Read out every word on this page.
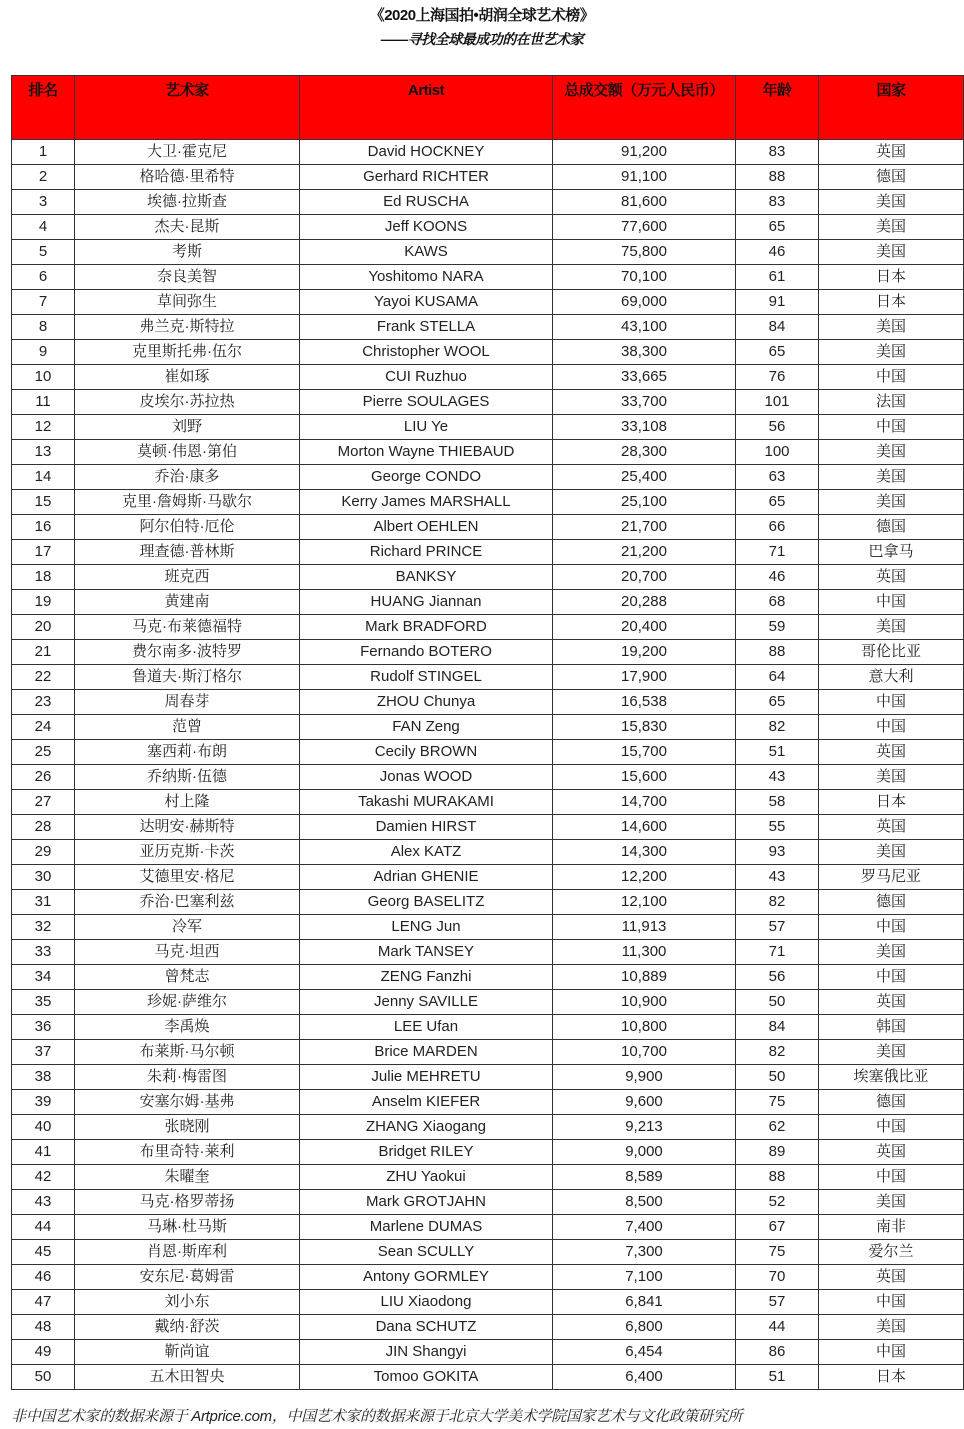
《2020上海国拍•胡润全球艺术榜》
——寻找全球最成功的在世艺术家
排名	艺术家	Artist	总成交额（万元人民币）	年龄	国家
1	大卫·霍克尼	David HOCKNEY	91,200	83	英国
2	格哈德·里希特	Gerhard RICHTER	91,100	88	德国
3	埃德·拉斯查	Ed RUSCHA	81,600	83	美国
4	杰夫·昆斯	Jeff KOONS	77,600	65	美国
5	考斯	KAWS	75,800	46	美国
6	奈良美智	Yoshitomo NARA	70,100	61	日本
7	草间弥生	Yayoi KUSAMA	69,000	91	日本
8	弗兰克·斯特拉	Frank STELLA	43,100	84	美国
9	克里斯托弗·伍尔	Christopher WOOL	38,300	65	美国
10	崔如琢	CUI Ruzhuo	33,665	76	中国
11	皮埃尔·苏拉热	Pierre SOULAGES	33,700	101	法国
12	刘野	LIU Ye	33,108	56	中国
13	莫顿·伟恩·第伯	Morton Wayne THIEBAUD	28,300	100	美国
14	乔治·康多	George CONDO	25,400	63	美国
15	克里·詹姆斯·马歇尔	Kerry James MARSHALL	25,100	65	美国
16	阿尔伯特·厄伦	Albert OEHLEN	21,700	66	德国
17	理查德·普林斯	Richard PRINCE	21,200	71	巴拿马
18	班克西	BANKSY	20,700	46	英国
19	黄建南	HUANG Jiannan	20,288	68	中国
20	马克·布莱德福特	Mark BRADFORD	20,400	59	美国
21	费尔南多·波特罗	Fernando BOTERO	19,200	88	哥伦比亚
22	鲁道夫·斯汀格尔	Rudolf STINGEL	17,900	64	意大利
23	周春芽	ZHOU Chunya	16,538	65	中国
24	范曾	FAN Zeng	15,830	82	中国
25	塞西莉·布朗	Cecily BROWN	15,700	51	英国
26	乔纳斯·伍德	Jonas WOOD	15,600	43	美国
27	村上隆	Takashi MURAKAMI	14,700	58	日本
28	达明安·赫斯特	Damien HIRST	14,600	55	英国
29	亚历克斯·卡茨	Alex KATZ	14,300	93	美国
30	艾德里安·格尼	Adrian GHENIE	12,200	43	罗马尼亚
31	乔治·巴塞利兹	Georg BASELITZ	12,100	82	德国
32	冷军	LENG Jun	11,913	57	中国
33	马克·坦西	Mark TANSEY	11,300	71	美国
34	曾梵志	ZENG Fanzhi	10,889	56	中国
35	珍妮·萨维尔	Jenny SAVILLE	10,900	50	英国
36	李禹焕	LEE Ufan	10,800	84	韩国
37	布莱斯·马尔顿	Brice MARDEN	10,700	82	美国
38	朱莉·梅雷图	Julie MEHRETU	9,900	50	埃塞俄比亚
39	安塞尔姆·基弗	Anselm KIEFER	9,600	75	德国
40	张晓刚	ZHANG Xiaogang	9,213	62	中国
41	布里奇特·莱利	Bridget RILEY	9,000	89	英国
42	朱曜奎	ZHU Yaokui	8,589	88	中国
43	马克·格罗蒂扬	Mark GROTJAHN	8,500	52	美国
44	马琳·杜马斯	Marlene DUMAS	7,400	67	南非
45	肖恩·斯库利	Sean SCULLY	7,300	75	爱尔兰
46	安东尼·葛姆雷	Antony GORMLEY	7,100	70	英国
47	刘小东	LIU Xiaodong	6,841	57	中国
48	戴纳·舒茨	Dana SCHUTZ	6,800	44	美国
49	靳尚谊	JIN Shangyi	6,454	86	中国
50	五木田智央	Tomoo GOKITA	6,400	51	日本
非中国艺术家的数据来源于 Artprice.com，中国艺术家的数据来源于北京大学美术学院国家艺术与文化政策研究所
